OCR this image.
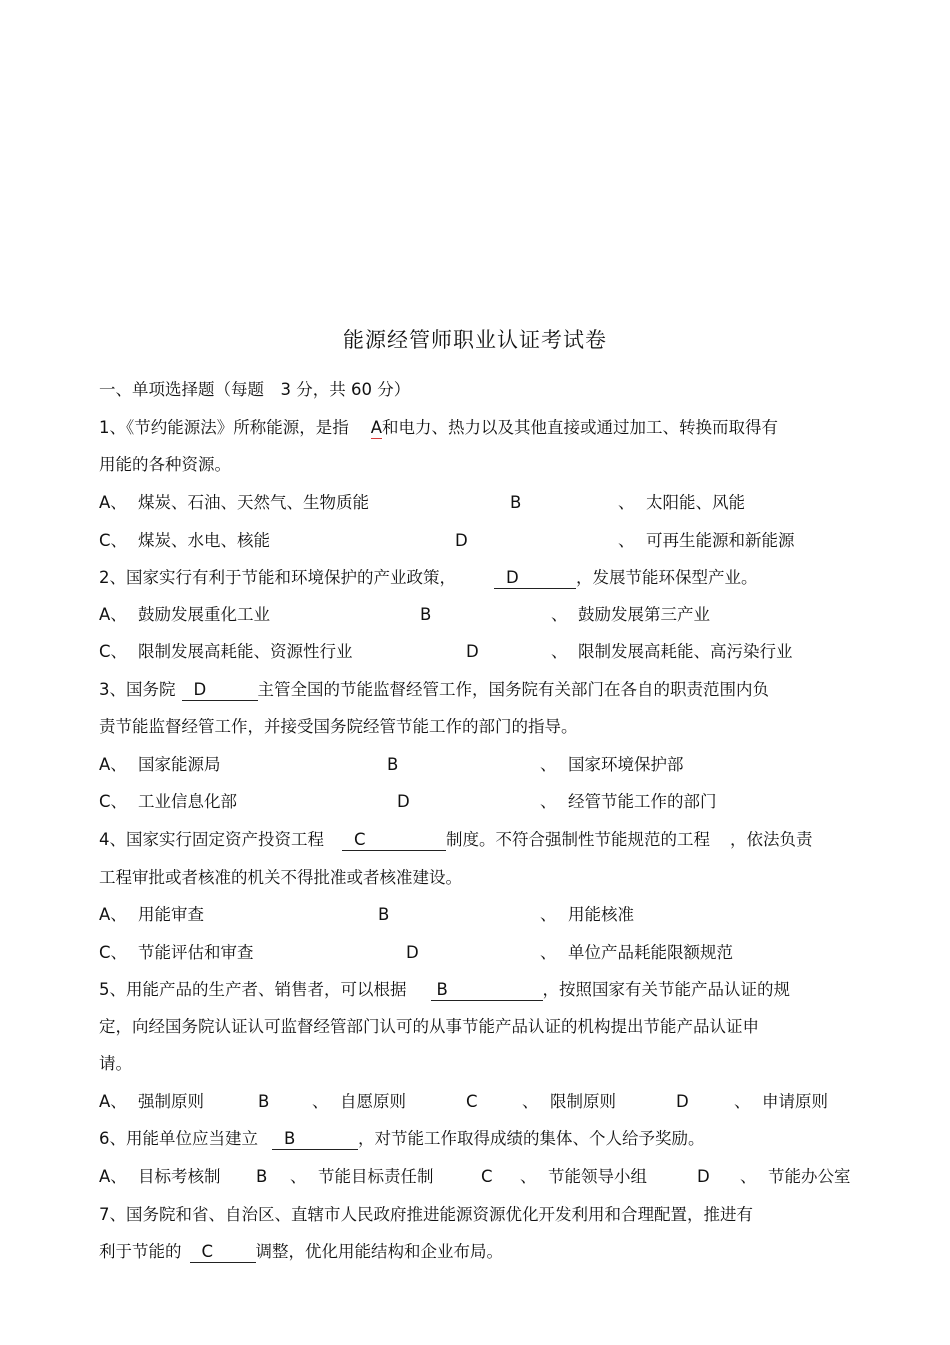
能源经管师职业认证考试卷
一、单项选择题（每题　3 分，共 60 分）
1、《节约能源法》所称能源，是指 A和电力、热力以及其他直接或通过加工、转换而取得有
用能的各种资源。
A、 煤炭、石油、天然气、生物质能	B	、 太阳能、风能
C、 煤炭、水电、核能	D	、 可再生能源和新能源
2、国家实行有利于节能和环境保护的产业政策，	D	，发展节能环保型产业。
A、 鼓励发展重化工业	B	、 鼓励发展第三产业
C、 限制发展高耗能、资源性行业	D	、 限制发展高耗能、高污染行业
3、国务院 D	主管全国的节能监督经管工作，国务院有关部门在各自的职责范围内负
责节能监督经管工作，并接受国务院经管节能工作的部门的指导。
A、 国家能源局	B	、 国家环境保护部
C、 工业信息化部	D	、 经管节能工作的部门
4、国家实行固定资产投资工程 C	制度。不符合强制性节能规范的工程 ，依法负责
工程审批或者核准的机关不得批准或者核准建设。
A、 用能审查	B	、 用能核准
C、 节能评估和审查	D	、 单位产品耗能限额规范
5、用能产品的生产者、销售者，可以根据 B	，按照国家有关节能产品认证的规
定，向经国务院认证认可监督经管部门认可的从事节能产品认证的机构提出节能产品认证申
请。
A、 强制原则	B	、 自愿原则	C	、 限制原则	D	、 申请原则
6、用能单位应当建立 B	，对节能工作取得成绩的集体、个人给予奖励。
A、 目标考核制 B 、 节能目标责任制	C 、 节能领导小组	D 、 节能办公室
7、国务院和省、自治区、直辖市人民政府推进能源资源优化开发利用和合理配置，推进有
利于节能的 C	调整，优化用能结构和企业布局。
